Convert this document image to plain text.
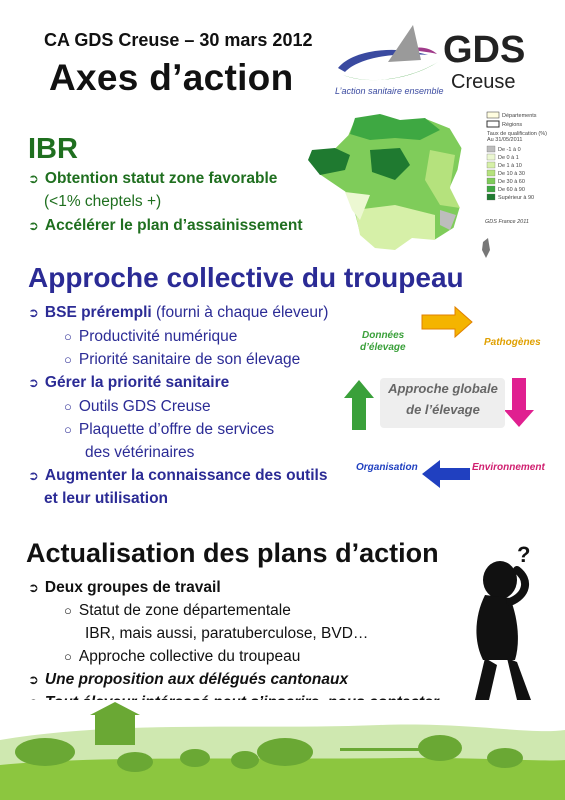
CA GDS Creuse – 30 mars 2012
Axes d’action
GDS
Creuse
L’action sanitaire ensemble
Départements
Régions
Taux de qualification (%)
Au 31/05/2011
De -1 à 0
De 0 à 1
De 1 à 10
De 10 à 30
De 30 à 60
De 60 à 90
Supérieur à 90
GDS France 2011
IBR
➲ Obtention statut zone favorable
(<1% cheptels +)
➲ Accélérer le plan d’assainissement
Approche collective du troupeau
➲ BSE prérempli (fourni à chaque éleveur)
○ Productivité numérique
○ Priorité sanitaire de son élevage
➲ Gérer la priorité sanitaire
○ Outils GDS Creuse
○ Plaquette d’offre de services
des vétérinaires
➲ Augmenter la connaissance des outils
et leur utilisation
Approche globale
de l’élevage
Données
d’élevage	Pathogènes
Organisation	Environnement
Actualisation des plans d’action
➲ Deux groupes de travail
○ Statut de zone départementale
IBR, mais aussi, paratuberculose, BVD…
○ Approche collective du troupeau
➲ Une proposition aux délégués cantonaux
?
